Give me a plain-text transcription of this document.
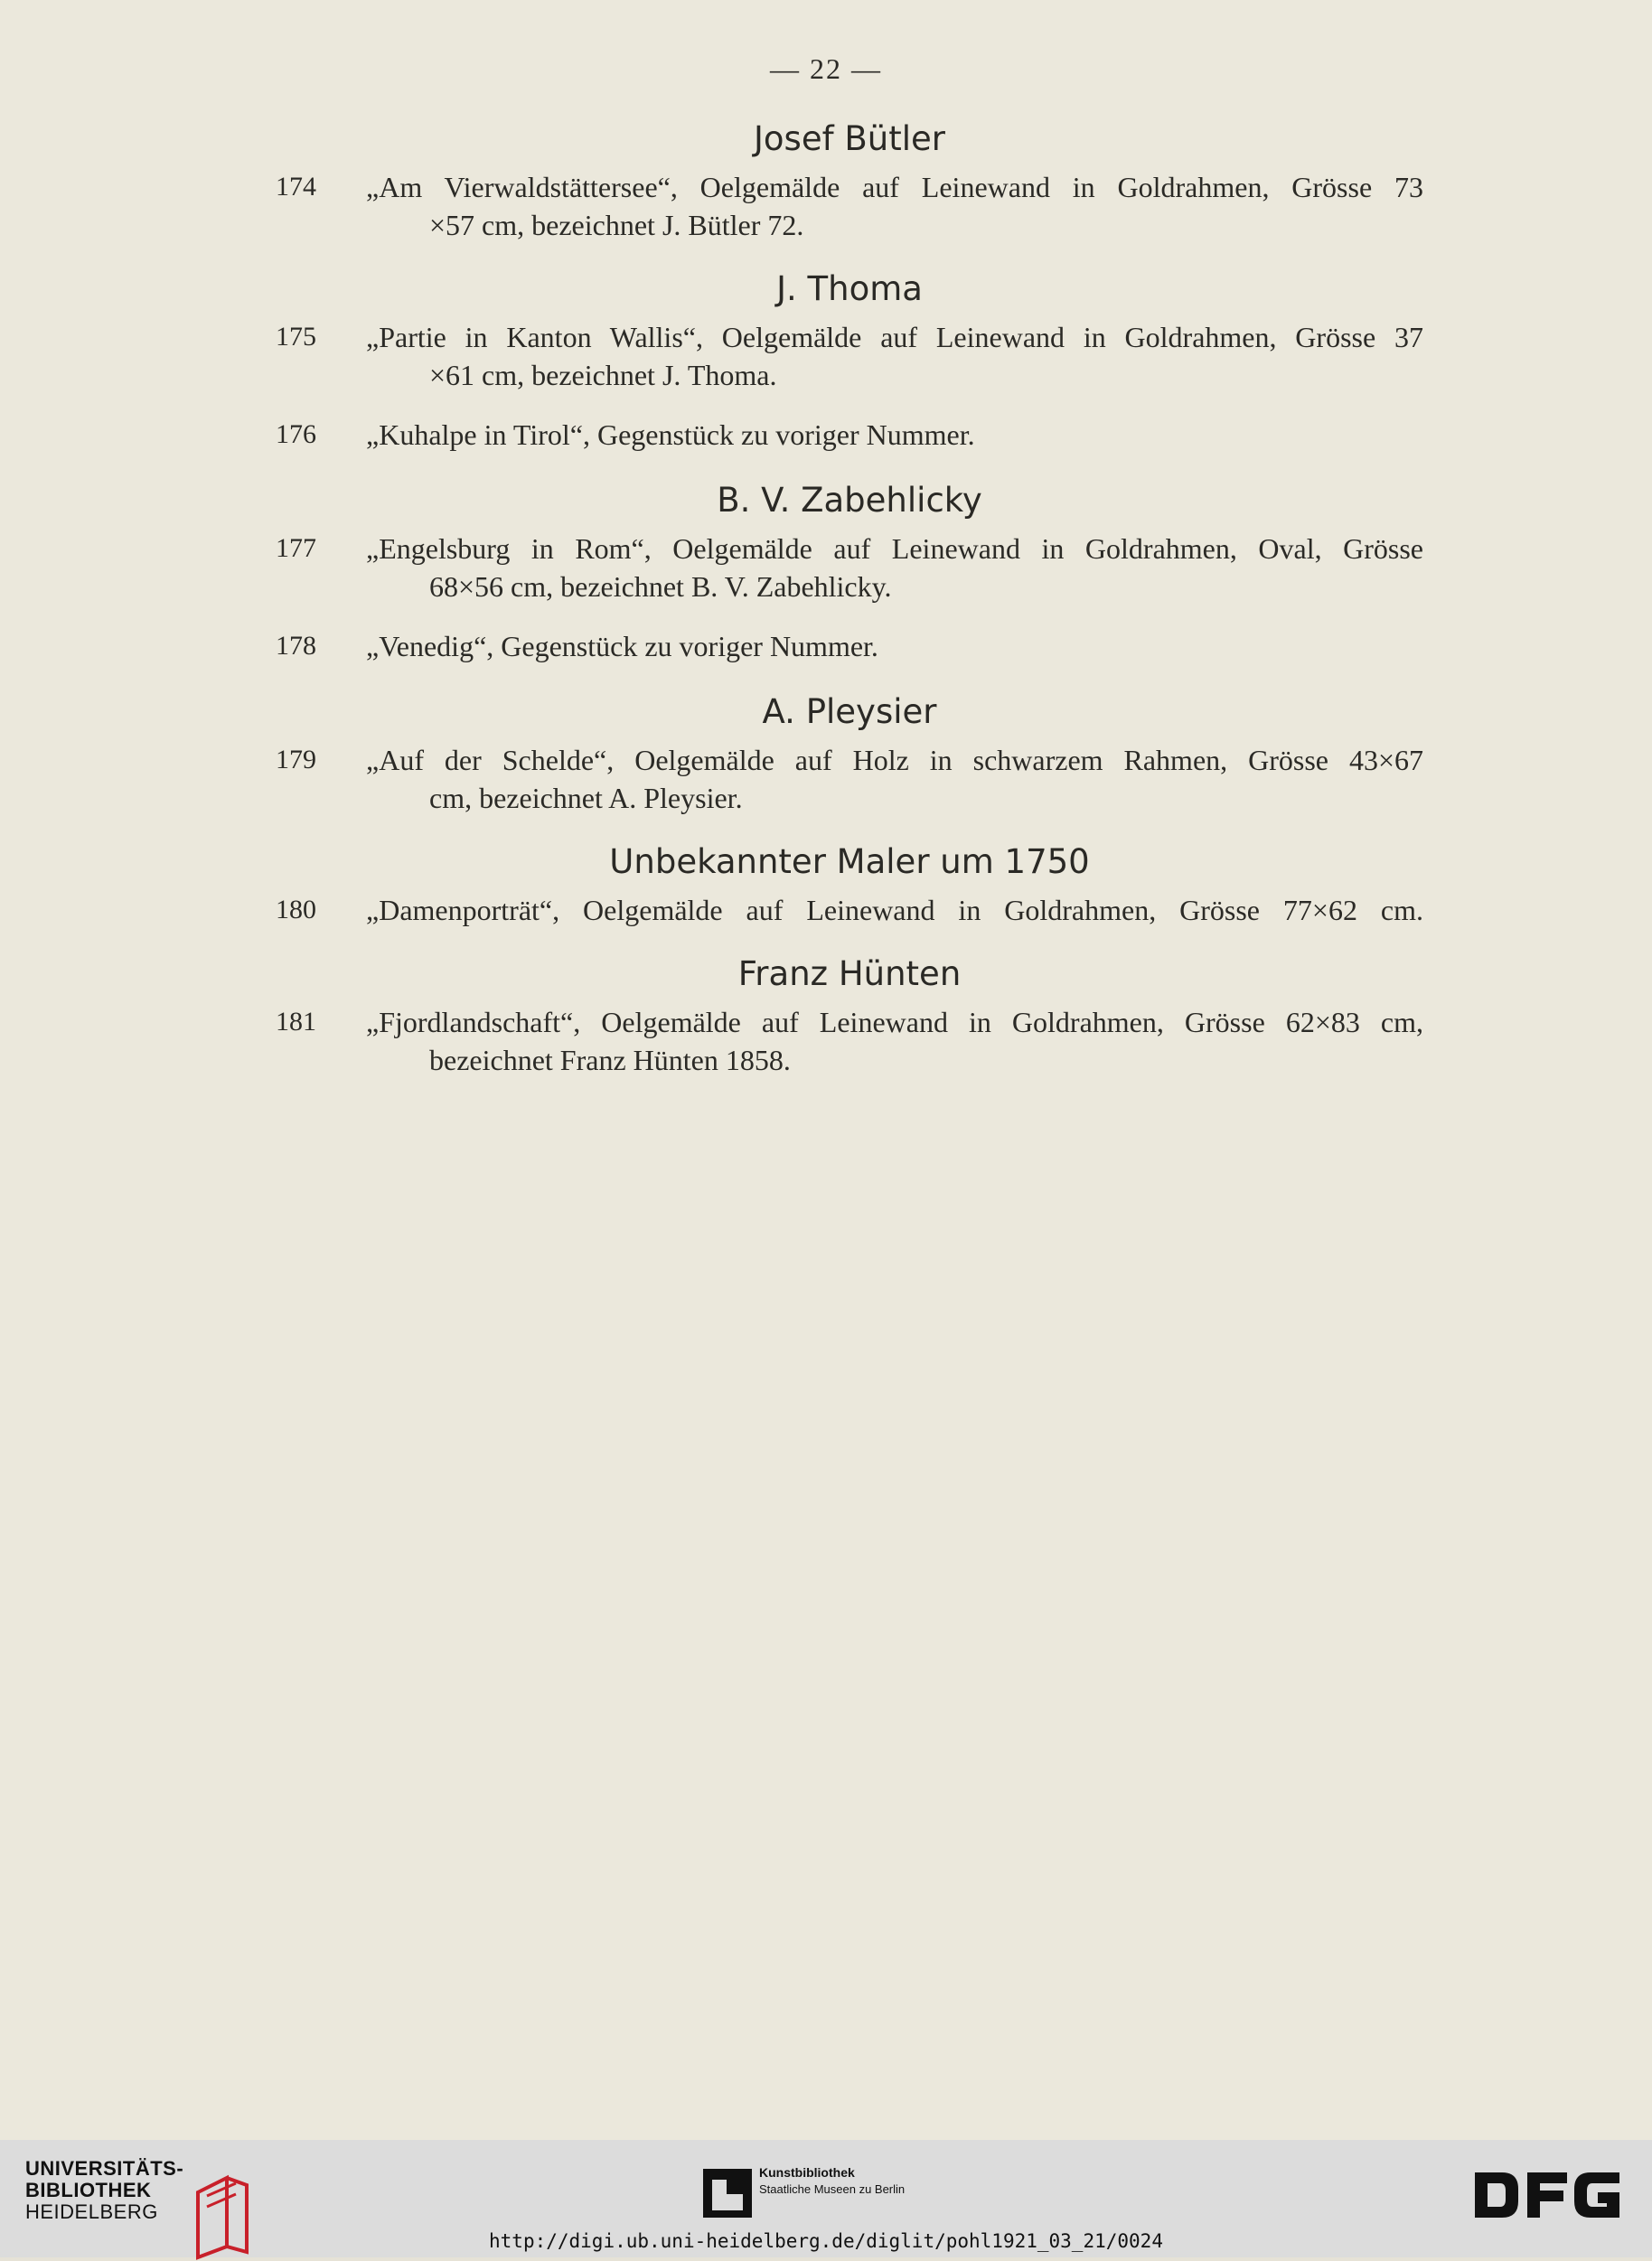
— 22 —
Josef Bütler
174	„Am Vierwaldstättersee“, Oelgemälde auf Leinewand in Goldrahmen, Grösse 73
×57 cm, bezeichnet J. Bütler 72.
J. Thoma
175	„Partie in Kanton Wallis“, Oelgemälde auf Leinewand in Goldrahmen, Grösse 37
×61 cm, bezeichnet J. Thoma.
176	„Kuhalpe in Tirol“, Gegenstück zu voriger Nummer.
B. V. Zabehlicky
177	„Engelsburg in Rom“, Oelgemälde auf Leinewand in Goldrahmen, Oval, Grösse
68×56 cm, bezeichnet B. V. Zabehlicky.
178	„Venedig“, Gegenstück zu voriger Nummer.
A. Pleysier
179	„Auf der Schelde“, Oelgemälde auf Holz in schwarzem Rahmen, Grösse 43×67
cm, bezeichnet A. Pleysier.
Unbekannter Maler um 1750
180	„Damenporträt“, Oelgemälde auf Leinewand in Goldrahmen, Grösse 77×62 cm.
Franz Hünten
181	„Fjordlandschaft“, Oelgemälde auf Leinewand in Goldrahmen, Grösse 62×83 cm,
bezeichnet Franz Hünten 1858.
UNIVERSITÄTS-
BIBLIOTHEK
HEIDELBERG
Kunstbibliothek
Staatliche Museen zu Berlin
http://digi.ub.uni-heidelberg.de/diglit/pohl1921_03_21/0024
